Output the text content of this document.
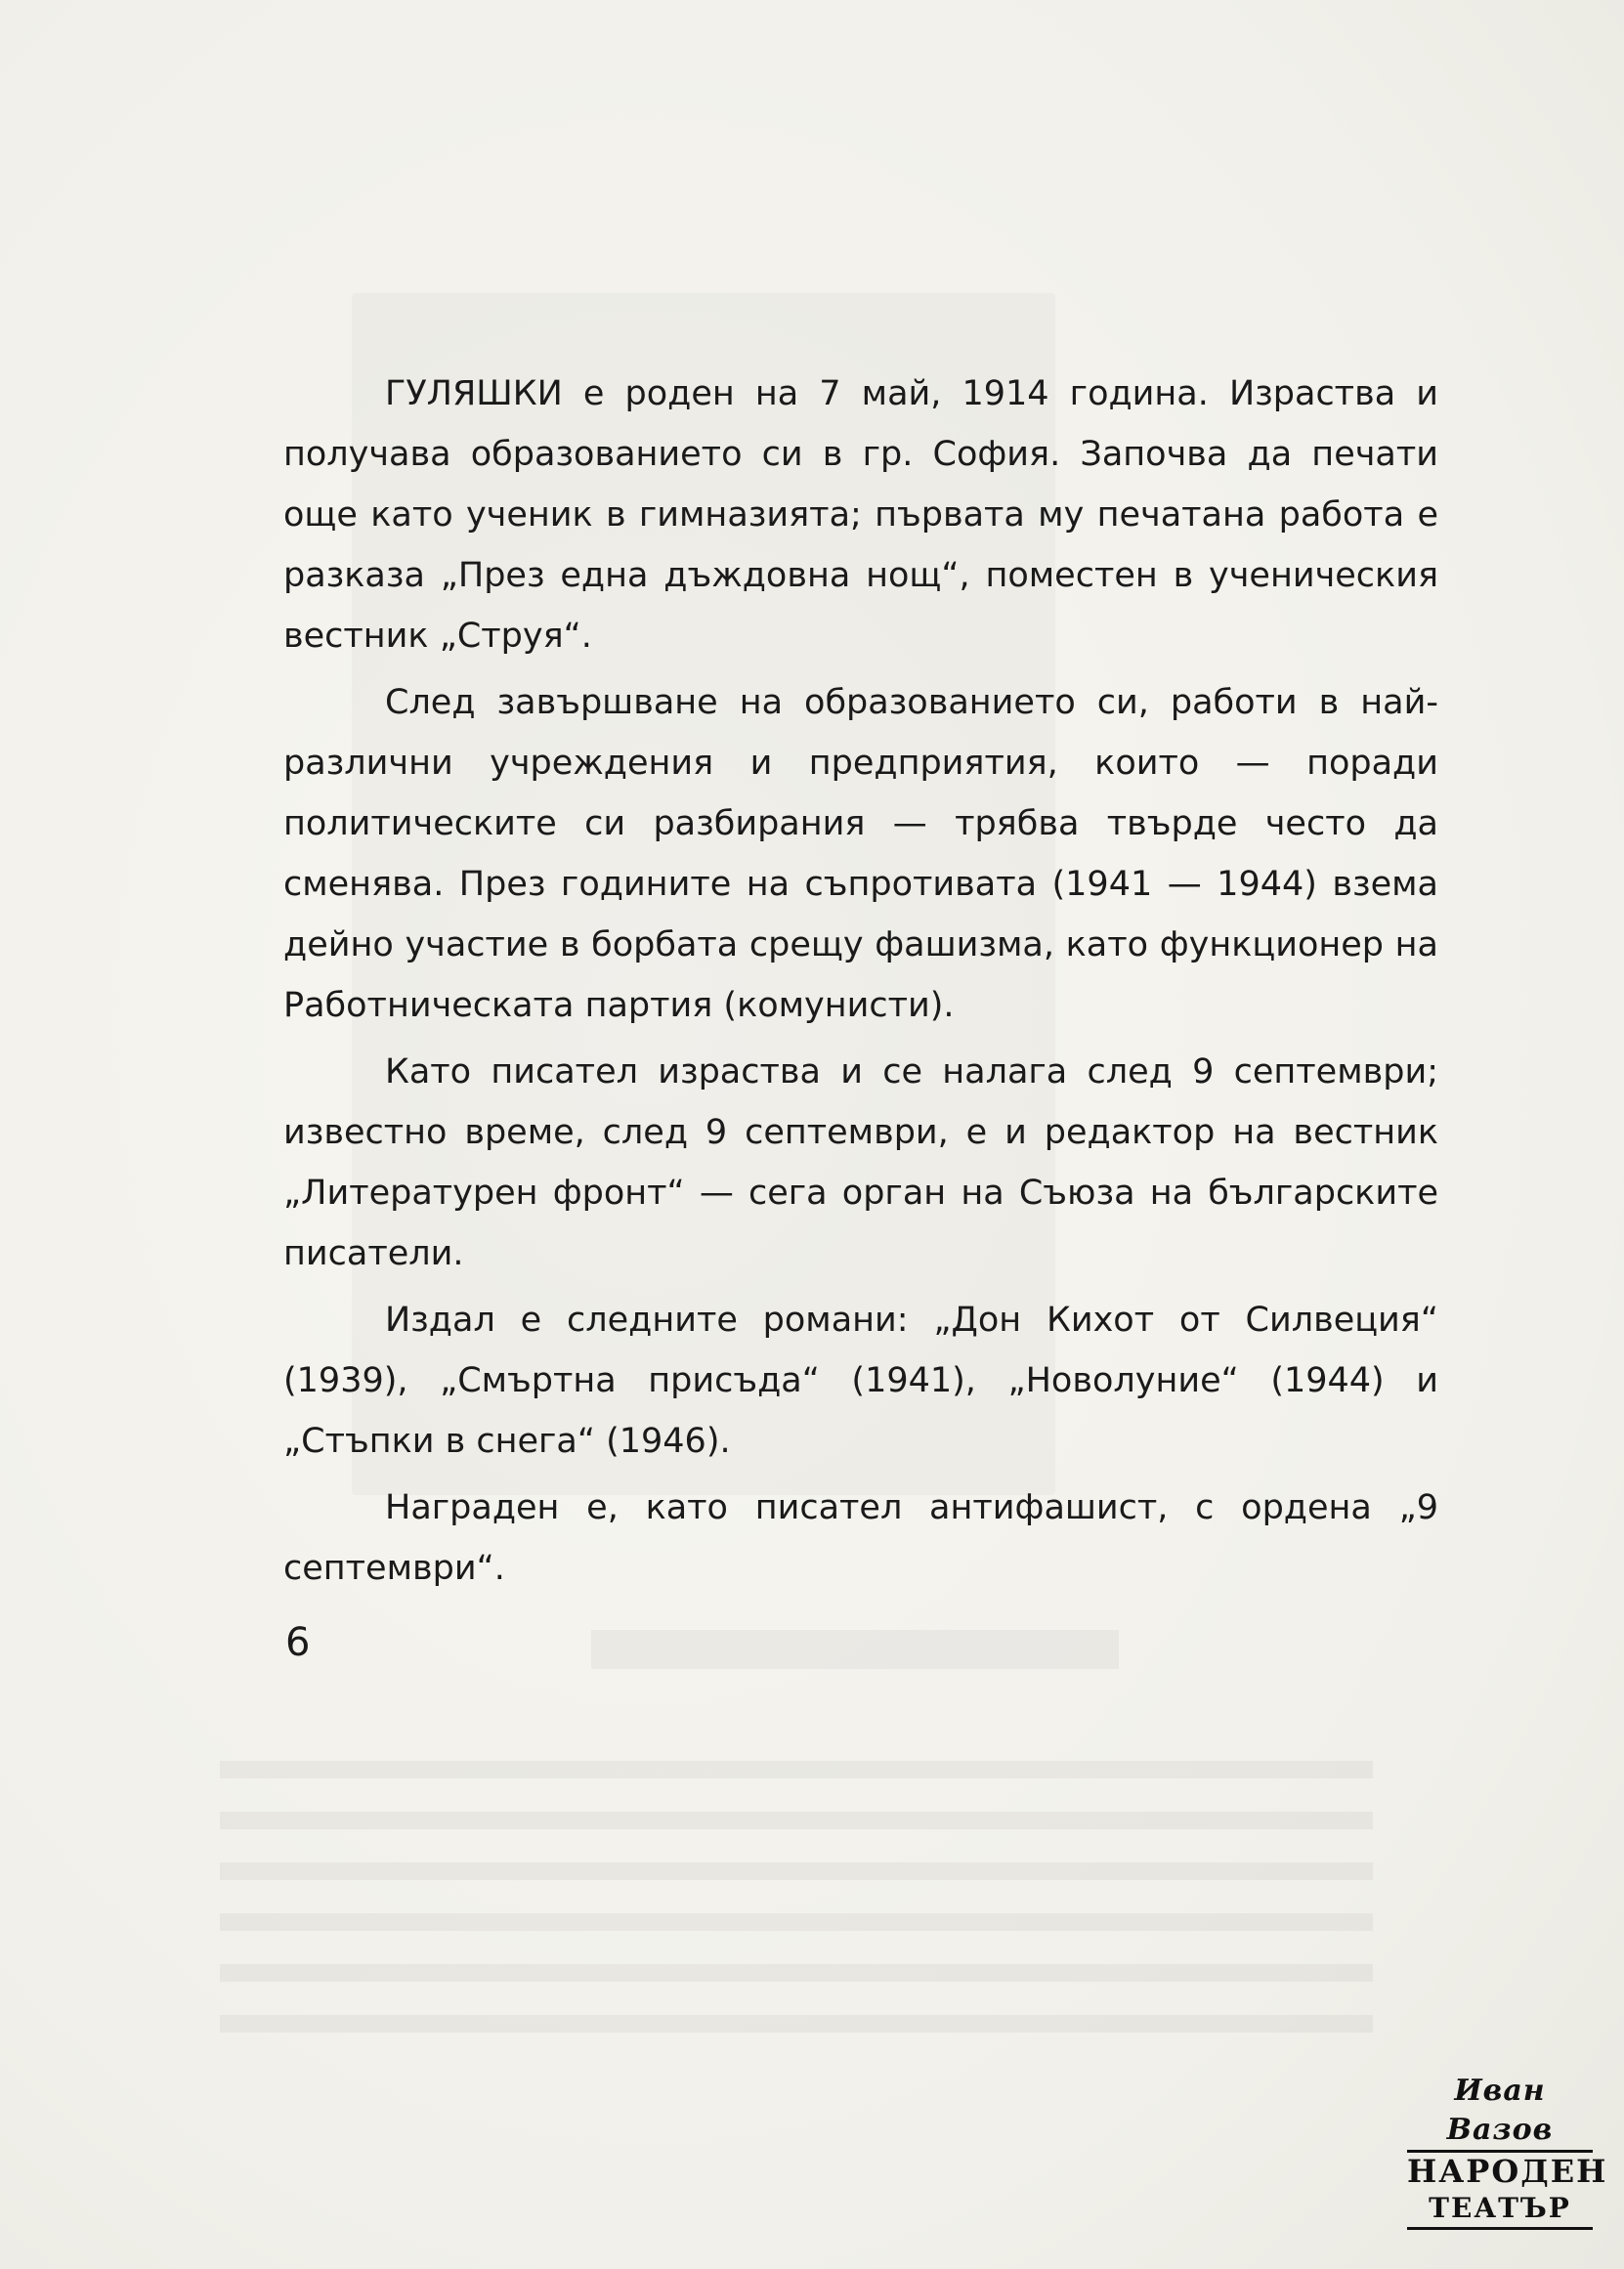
ГУЛЯШКИ е роден на 7 май, 1914 година. Израства и получава образованието си в гр. София. Започва да печати още като ученик в гимназията; първата му печатана работа е разказа „През една дъждовна нощ“, поместен в ученическия вестник „Струя“.

След завършване на образованието си, работи в най-различни учреждения и предприятия, които — поради политическите си разбирания — трябва твърде често да сменява. През годините на съпротивата (1941 — 1944) взема дейно участие в борбата срещу фашизма, като функционер на Работническата партия (комунисти).

Като писател израства и се налага след 9 септември; известно време, след 9 септември, е и редактор на вестник „Литературен фронт“ — сега орган на Съюза на българските писатели.

Издал е следните романи: „Дон Кихот от Силвеция“ (1939), „Смъртна присъда“ (1941), „Новолуние“ (1944) и „Стъпки в снега“ (1946).

Награден е, като писател антифашист, с ордена „9 септември“.

6
Иван Вазов
НАРОДЕН
ТЕАТЪР
